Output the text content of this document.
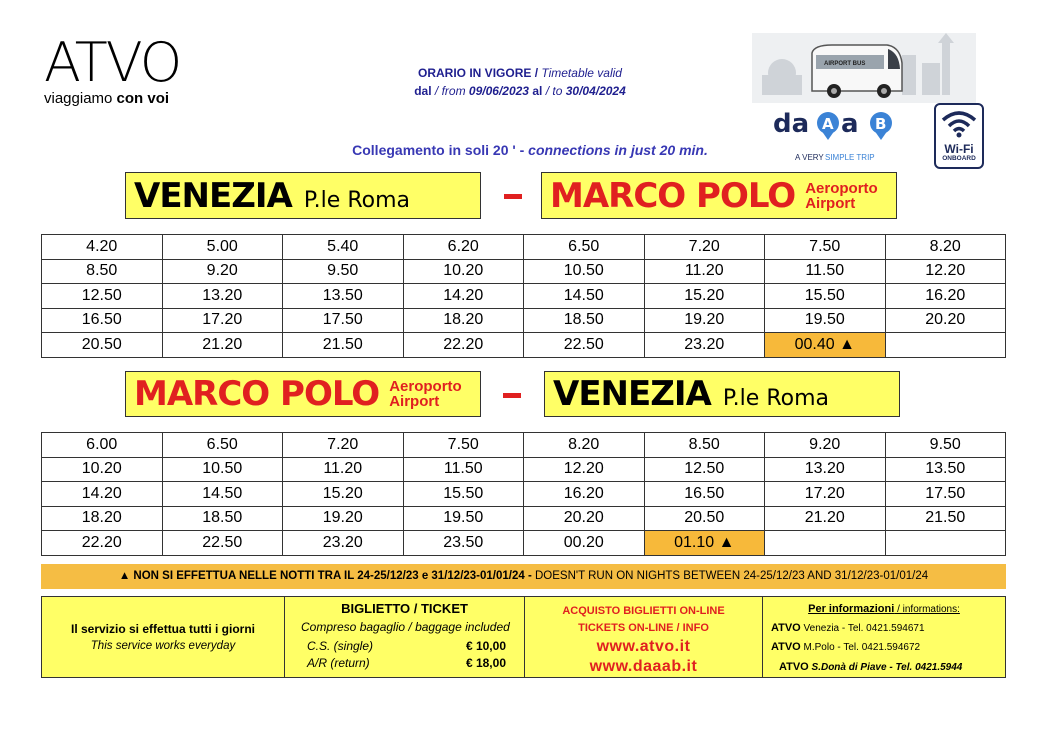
ATVO
viaggiamo con voi
ORARIO IN VIGORE / Timetable valid
dal / from 09/06/2023 al / to 30/04/2024
Collegamento in soli 20 ' - connections in just 20 min.
AIRPORT BUS
da A a B
A VERY SIMPLE TRIP
Wi-Fi
ONBOARD
VENEZIA P.le Roma	MARCO POLO Aeroporto
Airport
4.20	5.00	5.40	6.20	6.50	7.20	7.50	8.20
8.50	9.20	9.50	10.20	10.50	11.20	11.50	12.20
12.50	13.20	13.50	14.20	14.50	15.20	15.50	16.20
16.50	17.20	17.50	18.20	18.50	19.20	19.50	20.20
20.50	21.20	21.50	22.20	22.50	23.20	00.40 ▲	
MARCO POLO Aeroporto
Airport	VENEZIA P.le Roma
6.00	6.50	7.20	7.50	8.20	8.50	9.20	9.50
10.20	10.50	11.20	11.50	12.20	12.50	13.20	13.50
14.20	14.50	15.20	15.50	16.20	16.50	17.20	17.50
18.20	18.50	19.20	19.50	20.20	20.50	21.20	21.50
22.20	22.50	23.20	23.50	00.20	01.10 ▲		
▲ NON SI EFFETTUA NELLE NOTTI TRA IL 24-25/12/23 e 31/12/23-01/01/24 - DOESN'T RUN ON NIGHTS BETWEEN 24-25/12/23 AND 31/12/23-01/01/24
Il servizio si effettua tutti i giorni
This service works everyday
BIGLIETTO / TICKET
Compreso bagaglio / baggage included
C.S. (single)	€ 10,00
A/R (return)	€ 18,00
ACQUISTO BIGLIETTI ON-LINE
TICKETS ON-LINE / INFO
www.atvo.it
www.daaab.it
Per informazioni / informations:
ATVO Venezia - Tel. 0421.594671
ATVO M.Polo - Tel. 0421.594672
ATVO S.Donà di Piave - Tel. 0421.5944
